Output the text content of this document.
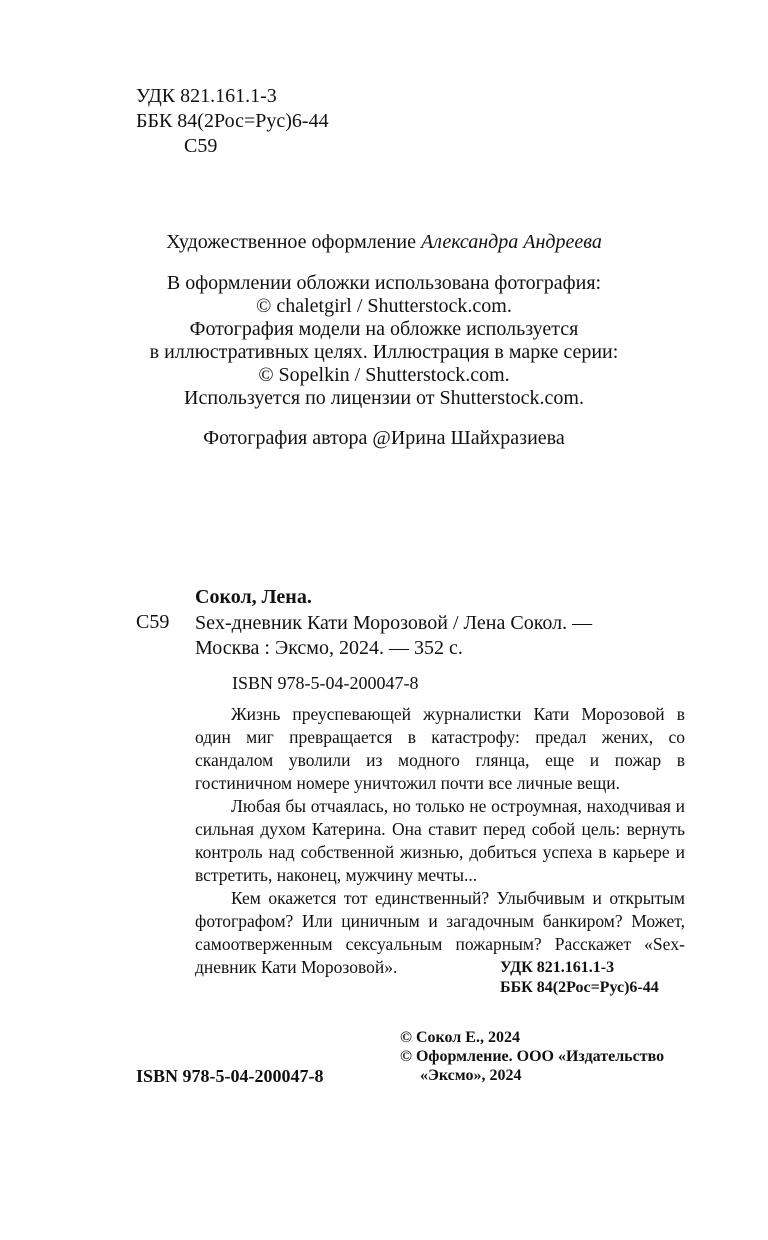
УДК 821.161.1-3
ББК 84(2Рос=Рус)6-44
С59

Художественное оформление Александра Андреева

В оформлении обложки использована фотография:

© chaletgirl / Shutterstock.com.

Фотография модели на обложке используется

в иллюстративных целях. Иллюстрация в марке серии:

© Sopelkin / Shutterstock.com.

Используется по лицензии от Shutterstock.com.

Фотография автора @Ирина Шайхразиева

Сокол, Лена.
С59 Sex-дневник Кати Морозовой / Лена Сокол. —
Москва : Эксмо, 2024. — 352 с.
ISBN 978-5-04-200047-8

Жизнь преуспевающей журналистки Кати Морозовой в один миг превращается в катастрофу: предал жених, со скандалом уволили из модного глянца, еще и пожар в гостиничном номере уничтожил почти все личные вещи.

Любая бы отчаялась, но только не остроумная, находчивая и сильная духом Катерина. Она ставит перед собой цель: вернуть контроль над собственной жизнью, добиться успеха в карьере и встретить, наконец, мужчину мечты...

Кем окажется тот единственный? Улыбчивым и открытым фотографом? Или циничным и загадочным банкиром? Может, самоотверженным сексуальным пожарным? Расскажет «Sex-дневник Кати Морозовой».	УДК 821.161.1-3
ББК 84(2Рос=Рус)6-44
© Сокол Е., 2024
© Оформление. ООО «Издательство
«Эксмо», 2024
ISBN 978-5-04-200047-8
